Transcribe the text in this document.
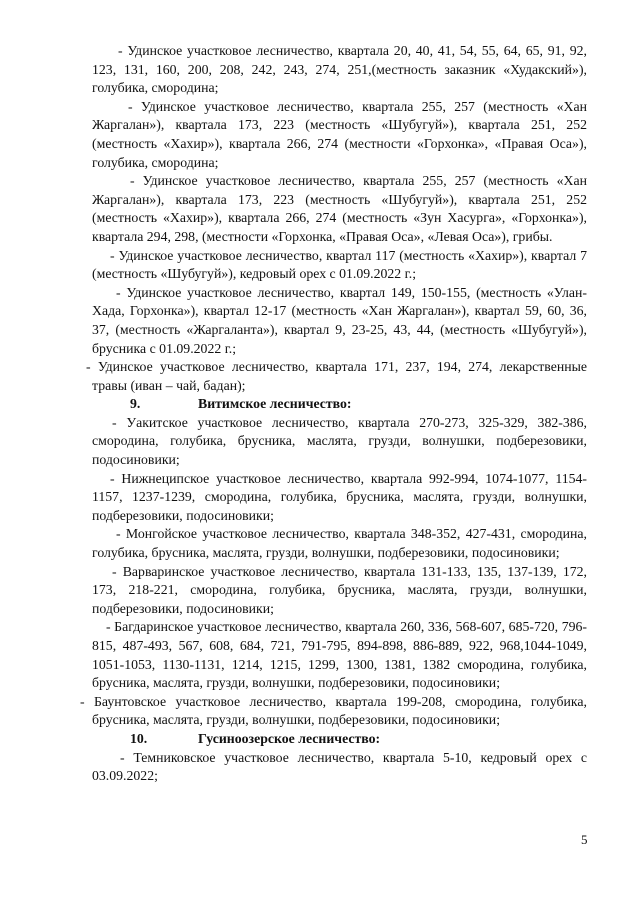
- Удинское участковое лесничество, квартала 20, 40, 41, 54, 55, 64, 65, 91, 92, 123, 131, 160, 200, 208, 242, 243, 274, 251,(местность заказник «Худакский»), голубика, смородина;

- Удинское участковое лесничество, квартала 255, 257 (местность «Хан Жаргалан»), квартала 173, 223 (местность «Шубугуй»), квартала 251, 252 (местность «Хахир»), квартала 266, 274 (местности «Горхонка», «Правая Оса»), голубика, смородина;

- Удинское участковое лесничество, квартала 255, 257 (местность «Хан Жаргалан»), квартала 173, 223 (местность «Шубугуй»), квартала 251, 252 (местность «Хахир»), квартала 266, 274 (местность «Зун Хасурга», «Горхонка»), квартала 294, 298, (местности «Горхонка, «Правая Оса», «Левая Оса»), грибы.

- Удинское участковое лесничество, квартал 117 (местность «Хахир»), квартал 7 (местность «Шубугуй»), кедровый орех с 01.09.2022 г.;

- Удинское участковое лесничество, квартал 149, 150-155, (местность «Улан- Хада, Горхонка»), квартал 12-17 (местность «Хан Жаргалан»), квартал 59, 60, 36, 37, (местность «Жаргаланта»), квартал 9, 23-25, 43, 44, (местность «Шубугуй»), брусника с 01.09.2022 г.;

- Удинское участковое лесничество, квартала 171, 237, 194, 274, лекарственные травы (иван – чай, бадан);

9.	Витимское лесничество:

- Уакитское участковое лесничество, квартала 270-273, 325-329, 382-386, смородина, голубика, брусника, маслята, грузди, волнушки, подберезовики, подосиновики;

- Нижнеципское участковое лесничество, квартала 992-994, 1074-1077, 1154-1157, 1237-1239, смородина, голубика, брусника, маслята, грузди, волнушки, подберезовики, подосиновики;

- Монгойское участковое лесничество, квартала 348-352, 427-431, смородина, голубика, брусника, маслята, грузди, волнушки, подберезовики, подосиновики;

- Варваринское участковое лесничество, квартала 131-133, 135, 137-139, 172, 173, 218-221, смородина, голубика, брусника, маслята, грузди, волнушки, подберезовики, подосиновики;

- Багдаринское участковое лесничество, квартала 260, 336, 568-607, 685-720, 796-815, 487-493, 567, 608, 684, 721, 791-795, 894-898, 886-889, 922, 968,1044-1049, 1051-1053, 1130-1131, 1214, 1215, 1299, 1300, 1381, 1382 смородина, голубика, брусника, маслята, грузди, волнушки, подберезовики, подосиновики;

- Баунтовское участковое лесничество, квартала 199-208, смородина, голубика, брусника, маслята, грузди, волнушки, подберезовики, подосиновики;

10.	Гусиноозерское лесничество:

- Темниковское участковое лесничество, квартала 5-10, кедровый орех с 03.09.2022;

5
